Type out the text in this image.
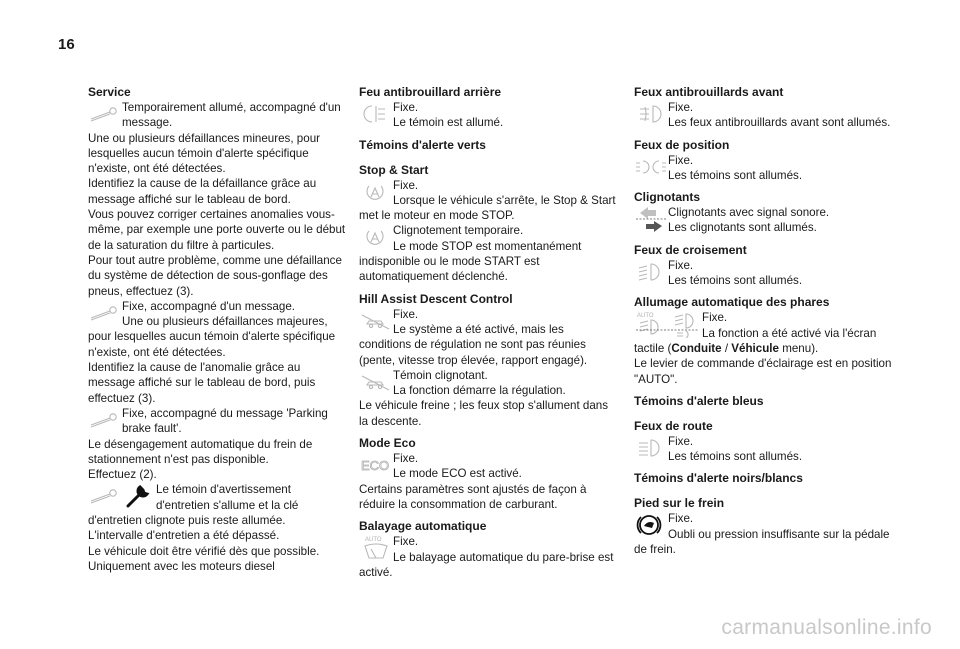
16
Service

Temporairement allumé, accompagné d'un message.

Une ou plusieurs défaillances mineures, pour lesquelles aucun témoin d'alerte spécifique n'existe, ont été détectées.

Identifiez la cause de la défaillance grâce au message affiché sur le tableau de bord.

Vous pouvez corriger certaines anomalies vous-même, par exemple une porte ouverte ou le début de la saturation du filtre à particules.

Pour tout autre problème, comme une défaillance du système de détection de sous-gonflage des pneus, effectuez (3).

Fixe, accompagné d'un message.

Une ou plusieurs défaillances majeures, pour lesquelles aucun témoin d'alerte spécifique n'existe, ont été détectées.

Identifiez la cause de l'anomalie grâce au message affiché sur le tableau de bord, puis effectuez (3).

Fixe, accompagné du message 'Parking brake fault'.

Le désengagement automatique du frein de stationnement n'est pas disponible.

Effectuez (2).

Le témoin d'avertissement d'entretien s'allume et la clé d'entretien clignote puis reste allumée.

L'intervalle d'entretien a été dépassé.

Le véhicule doit être vérifié dès que possible.

Uniquement avec les moteurs diesel

Feu antibrouillard arrière

Fixe.

Le témoin est allumé.

Témoins d'alerte verts
Stop & Start

Fixe.

Lorsque le véhicule s'arrête, le Stop & Start met le moteur en mode STOP.

Clignotement temporaire.

Le mode STOP est momentanément indisponible ou le mode START est automatiquement déclenché.

Hill Assist Descent Control

Fixe.

Le système a été activé, mais les conditions de régulation ne sont pas réunies (pente, vitesse trop élevée, rapport engagé).

Témoin clignotant.

La fonction démarre la régulation.

Le véhicule freine ; les feux stop s'allument dans la descente.

Mode Eco
ECO Fixe.

Le mode ECO est activé.

Certains paramètres sont ajustés de façon à réduire la consommation de carburant.

Balayage automatique
AUTO Fixe.

Le balayage automatique du pare-brise est activé.

Feux antibrouillards avant

Fixe.

Les feux antibrouillards avant sont allumés.

Feux de position

Fixe.

Les témoins sont allumés.

Clignotants

Clignotants avec signal sonore.

Les clignotants sont allumés.

Feux de croisement

Fixe.

Les témoins sont allumés.

Allumage automatique des phares
AUTO	Fixe.

La fonction a été activé via l'écran tactile (Conduite / Véhicule menu).

Le levier de commande d'éclairage est en position "AUTO".

Témoins d'alerte bleus
Feux de route

Fixe.

Les témoins sont allumés.

Témoins d'alerte noirs/blancs
Pied sur le frein

Fixe.

Oubli ou pression insuffisante sur la pédale de frein.

carmanualsonline.info
